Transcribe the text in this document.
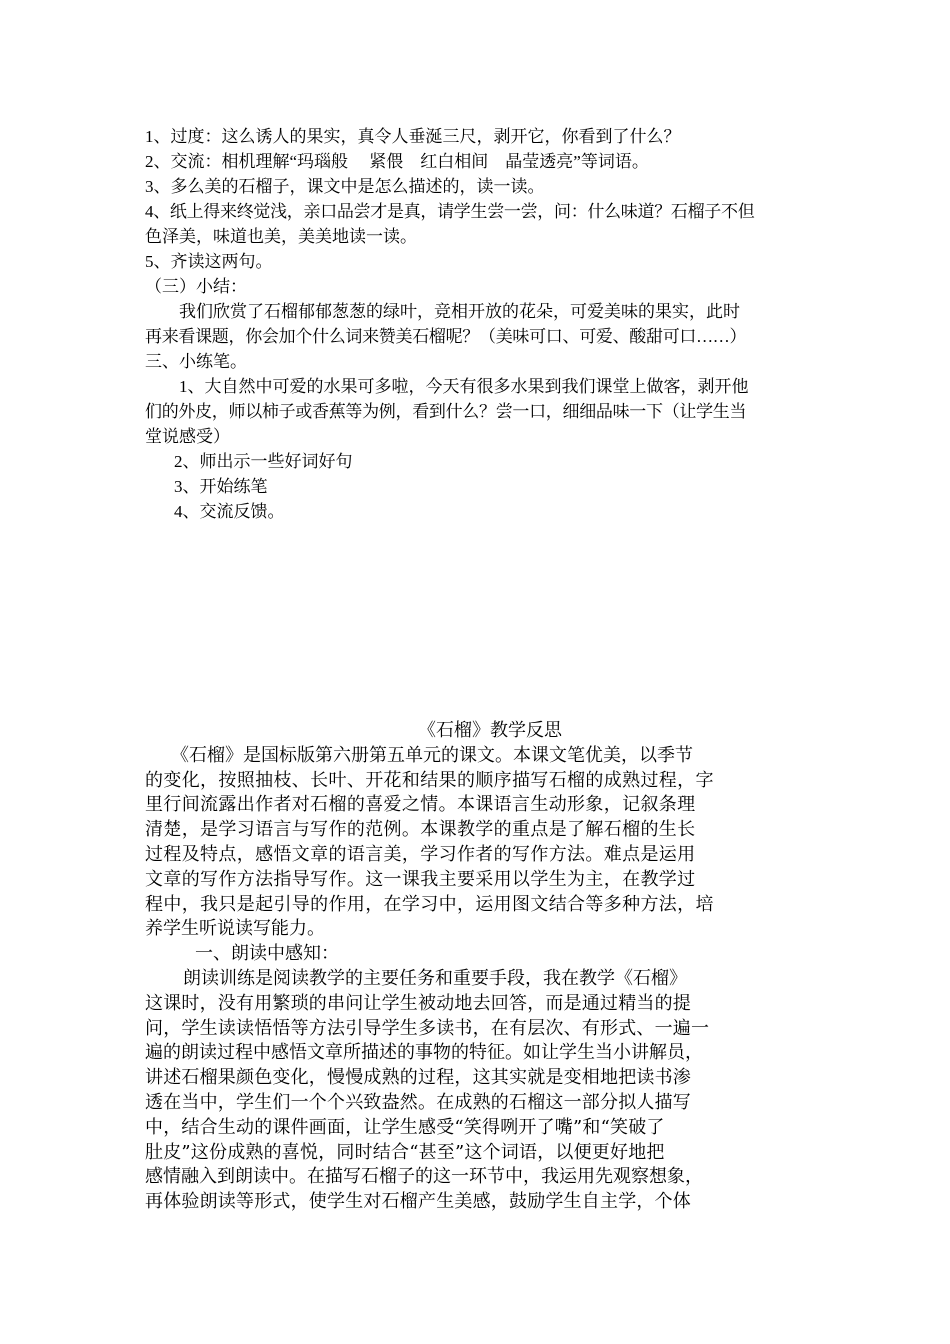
1、过度：这么诱人的果实，真令人垂涎三尺，剥开它，你看到了什么？

2、交流：相机理解“玛瑙般　 紧偎　红白相间　晶莹透亮”等词语。

3、多么美的石榴子，课文中是怎么描述的，读一读。

4、纸上得来终觉浅，亲口品尝才是真，请学生尝一尝，问：什么味道？石榴子不但

色泽美，味道也美，美美地读一读。

5、齐读这两句。

（三）小结：

我们欣赏了石榴郁郁葱葱的绿叶，竞相开放的花朵，可爱美味的果实，此时

再来看课题，你会加个什么词来赞美石榴呢？（美味可口、可爱、酸甜可口……）

三、小练笔。

1、大自然中可爱的水果可多啦，今天有很多水果到我们课堂上做客，剥开他

们的外皮，师以柿子或香蕉等为例，看到什么？尝一口，细细品味一下（让学生当

堂说感受）

2、师出示一些好词好句

3、开始练笔

4、交流反馈。

《石榴》教学反思

《石榴》是国标版第六册第五单元的课文。本课文笔优美，以季节

的变化，按照抽枝、长叶、开花和结果的顺序描写石榴的成熟过程，字

里行间流露出作者对石榴的喜爱之情。本课语言生动形象，记叙条理

清楚，是学习语言与写作的范例。本课教学的重点是了解石榴的生长

过程及特点，感悟文章的语言美，学习作者的写作方法。难点是运用

文章的写作方法指导写作。这一课我主要采用以学生为主，在教学过

程中，我只是起引导的作用，在学习中，运用图文结合等多种方法，培

养学生听说读写能力。

一、朗读中感知：

朗读训练是阅读教学的主要任务和重要手段，我在教学《石榴》

这课时，没有用繁琐的串问让学生被动地去回答，而是通过精当的提

问，学生读读悟悟等方法引导学生多读书，在有层次、有形式、一遍一

遍的朗读过程中感悟文章所描述的事物的特征。如让学生当小讲解员，

讲述石榴果颜色变化，慢慢成熟的过程，这其实就是变相地把读书渗

透在当中，学生们一个个兴致盎然。在成熟的石榴这一部分拟人描写

中，结合生动的课件画面，让学生感受“笑得咧开了嘴”和“笑破了

肚皮”这份成熟的喜悦，同时结合“甚至”这个词语，以便更好地把

感情融入到朗读中。在描写石榴子的这一环节中，我运用先观察想象，

再体验朗读等形式，使学生对石榴产生美感，鼓励学生自主学，个体
